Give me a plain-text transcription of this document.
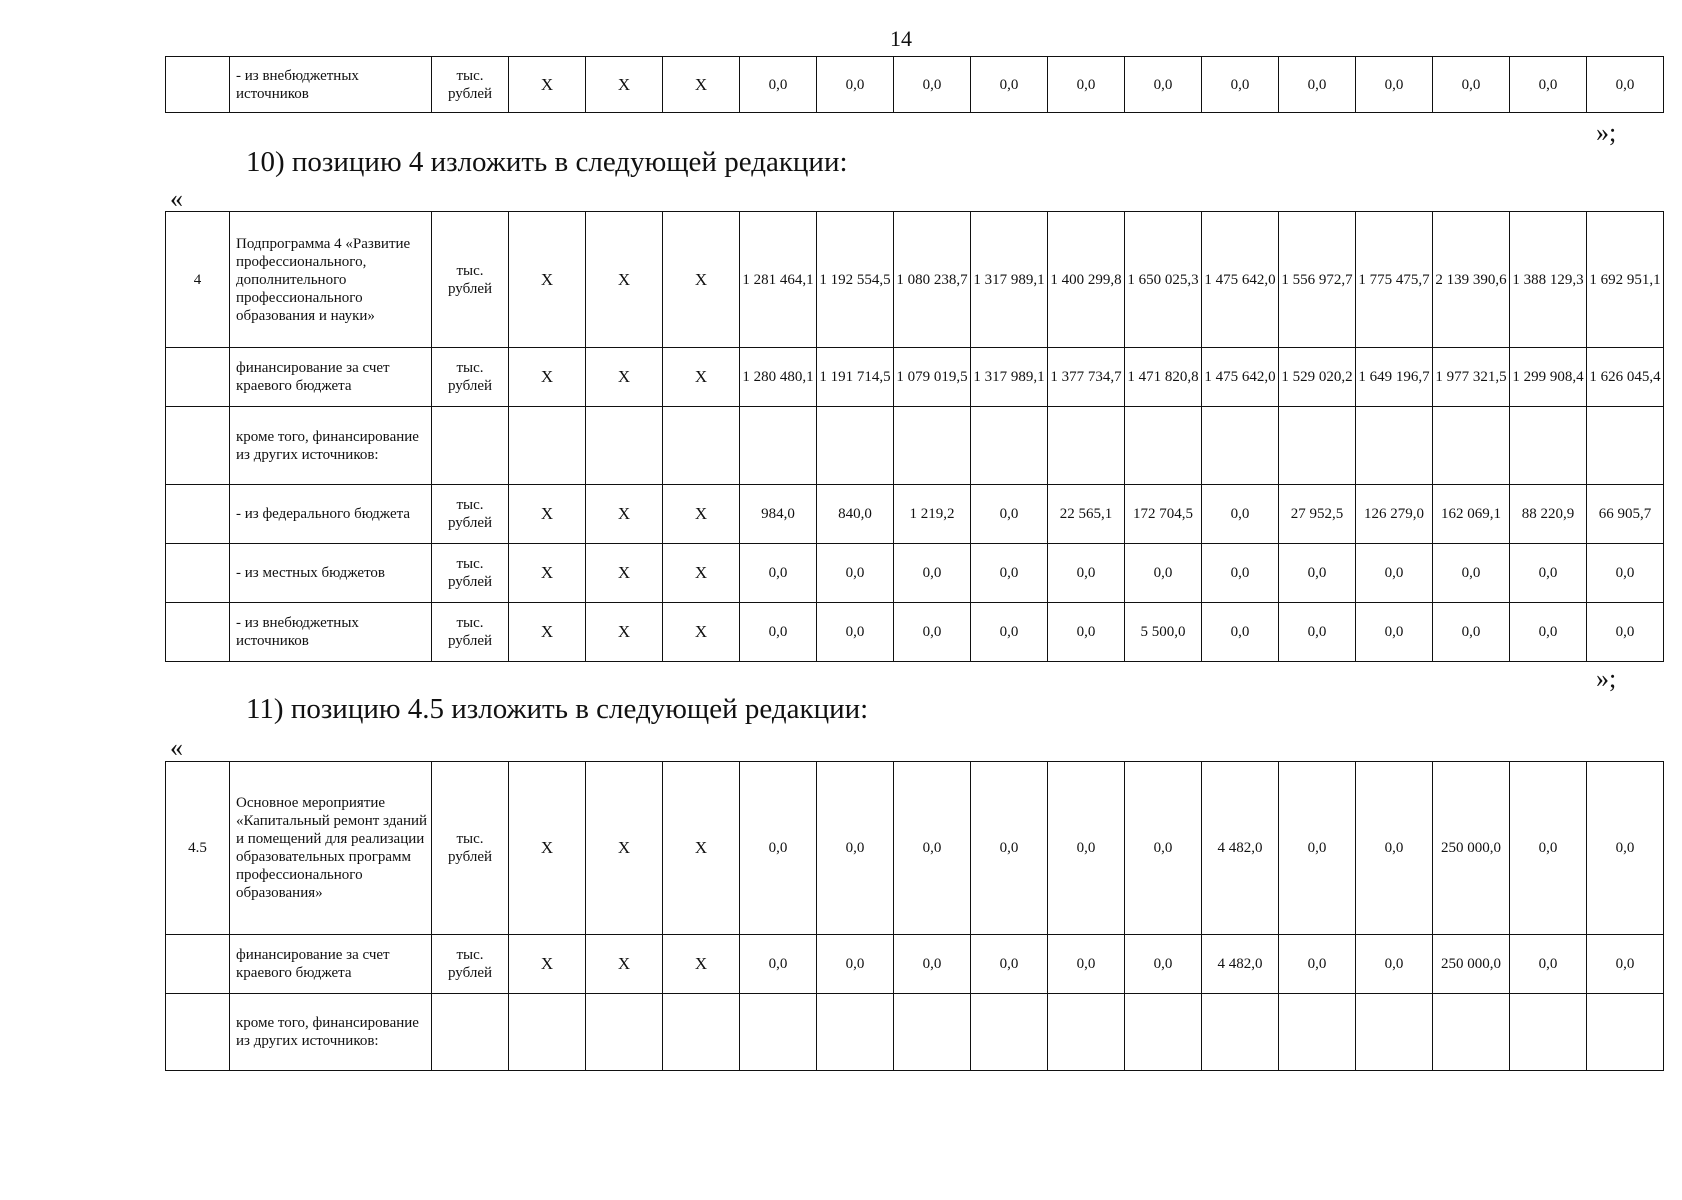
14
	- из внебюджетных источников	тыс. рублей	X	X	X	0,0	0,0	0,0	0,0	0,0	0,0	0,0	0,0	0,0	0,0	0,0	0,0
»;
10) позицию 4 изложить в следующей редакции:
«
4	Подпрограмма 4 «Развитие профессионального, дополнительного профессионального образования и науки»	тыс. рублей	X	X	X	1 281 464,1	1 192 554,5	1 080 238,7	1 317 989,1	1 400 299,8	1 650 025,3	1 475 642,0	1 556 972,7	1 775 475,7	2 139 390,6	1 388 129,3	1 692 951,1
	финансирование за счет краевого бюджета	тыс. рублей	X	X	X	1 280 480,1	1 191 714,5	1 079 019,5	1 317 989,1	1 377 734,7	1 471 820,8	1 475 642,0	1 529 020,2	1 649 196,7	1 977 321,5	1 299 908,4	1 626 045,4
	кроме того, финансирование из других источников:																
	- из федерального бюджета	тыс. рублей	X	X	X	984,0	840,0	1 219,2	0,0	22 565,1	172 704,5	0,0	27 952,5	126 279,0	162 069,1	88 220,9	66 905,7
	- из местных бюджетов	тыс. рублей	X	X	X	0,0	0,0	0,0	0,0	0,0	0,0	0,0	0,0	0,0	0,0	0,0	0,0
	- из внебюджетных источников	тыс. рублей	X	X	X	0,0	0,0	0,0	0,0	0,0	5 500,0	0,0	0,0	0,0	0,0	0,0	0,0
»;
11) позицию 4.5 изложить в следующей редакции:
«
4.5	Основное мероприятие «Капитальный ремонт зданий и помещений для реализации образовательных программ профессионального образования»	тыс. рублей	X	X	X	0,0	0,0	0,0	0,0	0,0	0,0	4 482,0	0,0	0,0	250 000,0	0,0	0,0
	финансирование за счет краевого бюджета	тыс. рублей	X	X	X	0,0	0,0	0,0	0,0	0,0	0,0	4 482,0	0,0	0,0	250 000,0	0,0	0,0
	кроме того, финансирование из других источников:																
